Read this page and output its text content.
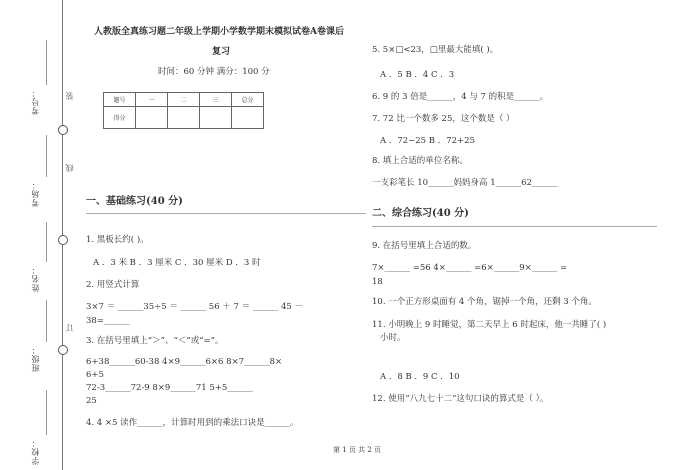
考号：
考场：
姓名：
班级：
学校：
装
线
订
人教版全真练习题二年级上学期小学数学期末模拟试卷A卷课后
复习
时间：60 分钟 满分：100 分
题号	一	二	三	总分
得分				
一、基础练习(40 分)
1. 黑板长约( )。
A ．3 米 B ．3 厘米 C ．30 厘米 D ．3 时
2. 用竖式计算
3×7 ＝ ______35÷5 ＝ ______ 56 ＋ 7 ＝ ______ 45 －
38=______
3. 在括号里填上“＞”、“＜”或“=”。
6+38______60-38 4×9______6×6 8×7______8×
6+5
72-3______72-9 8×9______71 5+5______
25
4. 4 ×5 读作______，计算时用到的乘法口诀是______。
5. 5×□<23，□里最大能填( )。
A ．5 B ．4 C ．3
6. 9 的 3 倍是______，4 与 7 的积是______。
7. 72 比一个数多 25，这个数是（ ）
A ．72−25 B ．72+25
8. 填上合适的单位名称。
一支彩笔长 10______妈妈身高 1______62______
二、综合练习(40 分)
9. 在括号里填上合适的数。
7×______ =56 4×______ =6×______9×______ =
18
10. 一个正方形桌面有 4 个角，锯掉一个角，还剩 3 个角。
11. 小明晚上 9 时睡觉，第二天早上 6 时起床，他一共睡了( )
小时。
A ．8 B ．9 C ．10
12. 使用“八九七十二”这句口诀的算式是（ ）。
第 1 页 共 2 页
